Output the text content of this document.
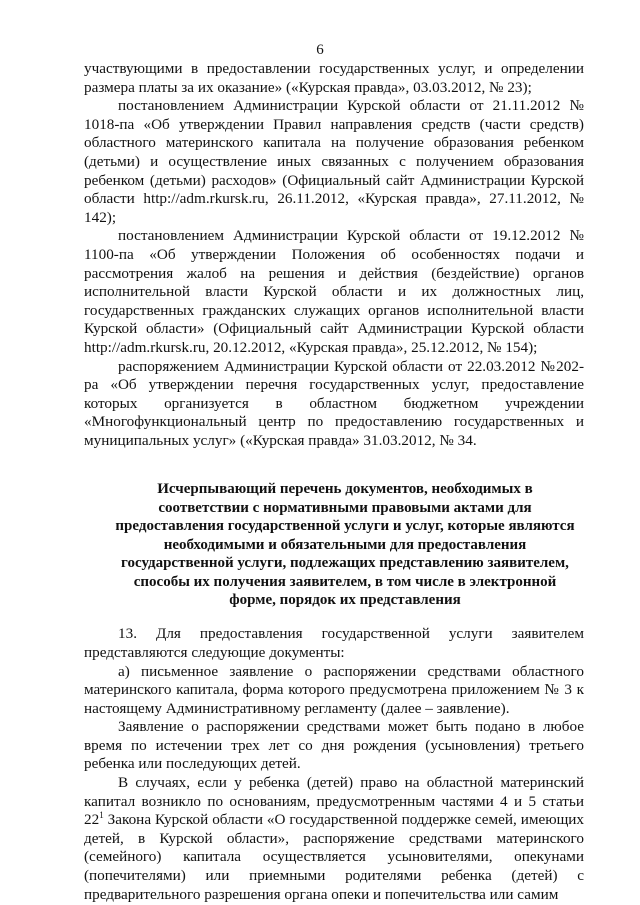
6

участвующими в предоставлении государственных услуг, и определении размера платы за их оказание» («Курская правда», 03.03.2012, № 23);

постановлением Администрации Курской области от 21.11.2012 № 1018-па «Об утверждении Правил направления средств (части средств) областного материнского капитала на получение образования ребенком (детьми) и осуществление иных связанных с получением образования ребенком (детьми) расходов» (Официальный сайт Администрации Курской области http://adm.rkursk.ru, 26.11.2012, «Курская правда», 27.11.2012, № 142);

постановлением Администрации Курской области от 19.12.2012 № 1100-па «Об утверждении Положения об особенностях подачи и рассмотрения жалоб на решения и действия (бездействие) органов исполнительной власти Курской области и их должностных лиц, государственных гражданских служащих органов исполнительной власти Курской области» (Официальный сайт Администрации Курской области http://adm.rkursk.ru, 20.12.2012, «Курская правда», 25.12.2012, № 154);

распоряжением Администрации Курской области от 22.03.2012 №202-ра «Об утверждении перечня государственных услуг, предоставление которых организуется в областном бюджетном учреждении «Многофункциональный центр по предоставлению государственных и муниципальных услуг» («Курская правда» 31.03.2012, № 34.

Исчерпывающий перечень документов, необходимых в соответствии с нормативными правовыми актами для предоставления государственной услуги и услуг, которые являются необходимыми и обязательными для предоставления государственной услуги, подлежащих представлению заявителем, способы их получения заявителем, в том числе в электронной форме, порядок их представления

13. Для предоставления государственной услуги заявителем представляются следующие документы:

а) письменное заявление о распоряжении средствами областного материнского капитала, форма которого предусмотрена приложением № 3 к настоящему Административному регламенту (далее – заявление).

Заявление о распоряжении средствами может быть подано в любое время по истечении трех лет со дня рождения (усыновления) третьего ребенка или последующих детей.

В случаях, если у ребенка (детей) право на областной материнский капитал возникло по основаниям, предусмотренным частями 4 и 5 статьи $22^1$ Закона Курской области «О государственной поддержке семей, имеющих детей, в Курской области», распоряжение средствами материнского (семейного) капитала осуществляется усыновителями, опекунами (попечителями) или приемными родителями ребенка (детей) с предварительного разрешения органа опеки и попечительства или самим
